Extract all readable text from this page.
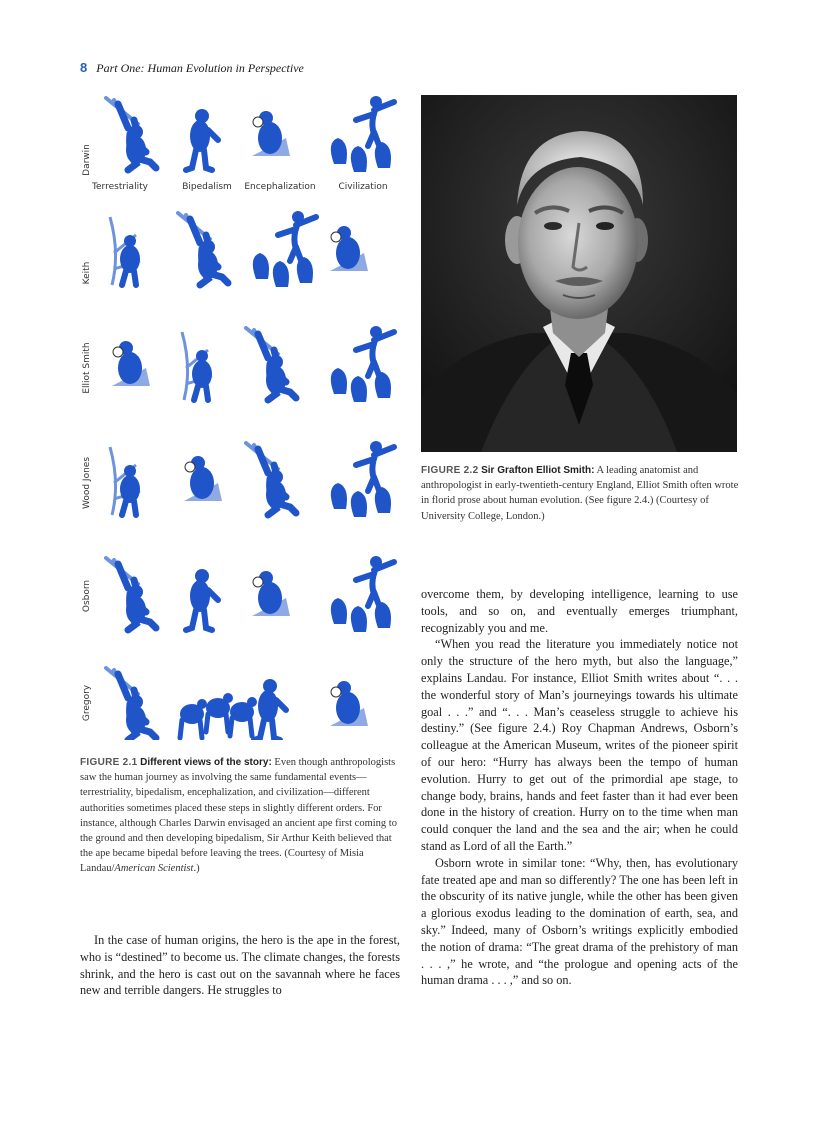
8 Part One: Human Evolution in Perspective
Darwin
Keith
Elliot Smith
Wood Jones
Osborn
Gregory
Terrestriality	Bipedalism	Encephalization	Civilization
FIGURE 2.1 Different views of the story: Even though anthropologists saw the human journey as involving the same fundamental events—terrestriality, bipedalism, encephalization, and civilization—different authorities sometimes placed these steps in slightly different orders. For instance, although Charles Darwin envisaged an ancient ape first coming to the ground and then developing bipedalism, Sir Arthur Keith believed that the ape became bipedal before leaving the trees. (Courtesy of Misia Landau/American Scientist.)
FIGURE 2.2 Sir Grafton Elliot Smith: A leading anatomist and anthropologist in early-twentieth-century England, Elliot Smith often wrote in florid prose about human evolution. (See figure 2.4.) (Courtesy of University College, London.)

In the case of human origins, the hero is the ape in the forest, who is “destined” to become us. The climate changes, the forests shrink, and the hero is cast out on the savannah where he faces new and terrible dangers. He struggles to

overcome them, by developing intelligence, learning to use tools, and so on, and eventually emerges triumphant, recognizably you and me.

“When you read the literature you immediately notice not only the structure of the hero myth, but also the language,” explains Landau. For instance, Elliot Smith writes about “. . . the wonderful story of Man’s journeyings towards his ultimate goal . . .” and “. . . Man’s ceaseless struggle to achieve his destiny.” (See figure 2.4.) Roy Chapman Andrews, Osborn’s colleague at the American Museum, writes of the pioneer spirit of our hero: “Hurry has always been the tempo of human evolution. Hurry to get out of the primordial ape stage, to change body, brains, hands and feet faster than it had ever been done in the history of creation. Hurry on to the time when man could conquer the land and the sea and the air; when he could stand as Lord of all the Earth.”

Osborn wrote in similar tone: “Why, then, has evolutionary fate treated ape and man so differently? The one has been left in the obscurity of its native jungle, while the other has been given a glorious exodus leading to the domination of earth, sea, and sky.” Indeed, many of Osborn’s writings explicitly embodied the notion of drama: “The great drama of the prehistory of man . . . ,” he wrote, and “the prologue and opening acts of the human drama . . . ,” and so on.
